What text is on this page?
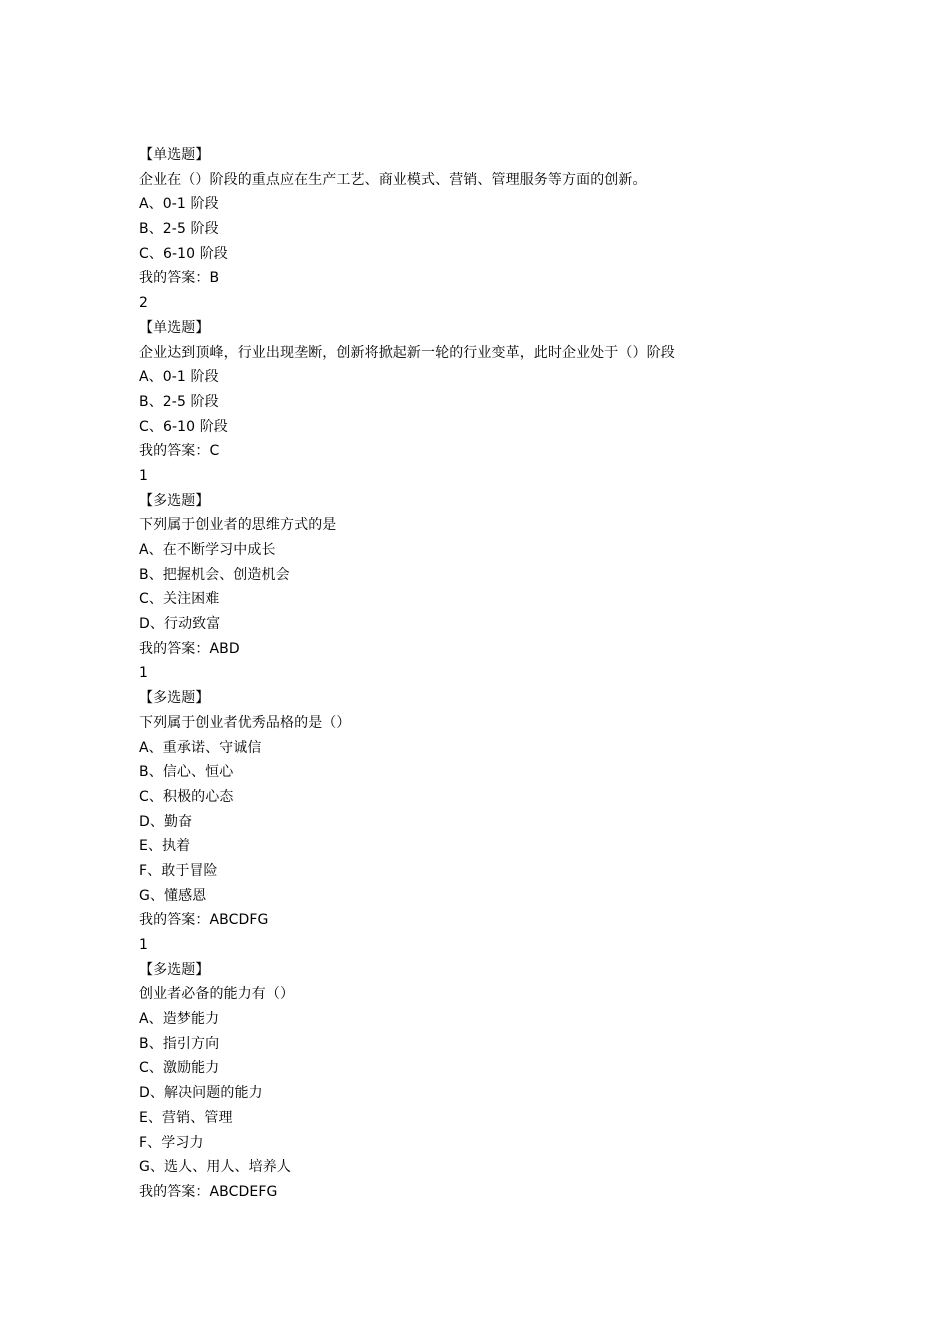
【单选题】
企业在（）阶段的重点应在生产工艺、商业模式、营销、管理服务等方面的创新。
A、0-1 阶段
B、2-5 阶段
C、6-10 阶段
我的答案：B
2
【单选题】
企业达到顶峰，行业出现垄断，创新将掀起新一轮的行业变革，此时企业处于（）阶段
A、0-1 阶段
B、2-5 阶段
C、6-10 阶段
我的答案：C
1
【多选题】
下列属于创业者的思维方式的是
A、在不断学习中成长
B、把握机会、创造机会
C、关注困难
D、行动致富
我的答案：ABD
1
【多选题】
下列属于创业者优秀品格的是（）
A、重承诺、守诚信
B、信心、恒心
C、积极的心态
D、勤奋
E、执着
F、敢于冒险
G、懂感恩
我的答案：ABCDFG
1
【多选题】
创业者必备的能力有（）
A、造梦能力
B、指引方向
C、激励能力
D、解决问题的能力
E、营销、管理
F、学习力
G、选人、用人、培养人
我的答案：ABCDEFG
